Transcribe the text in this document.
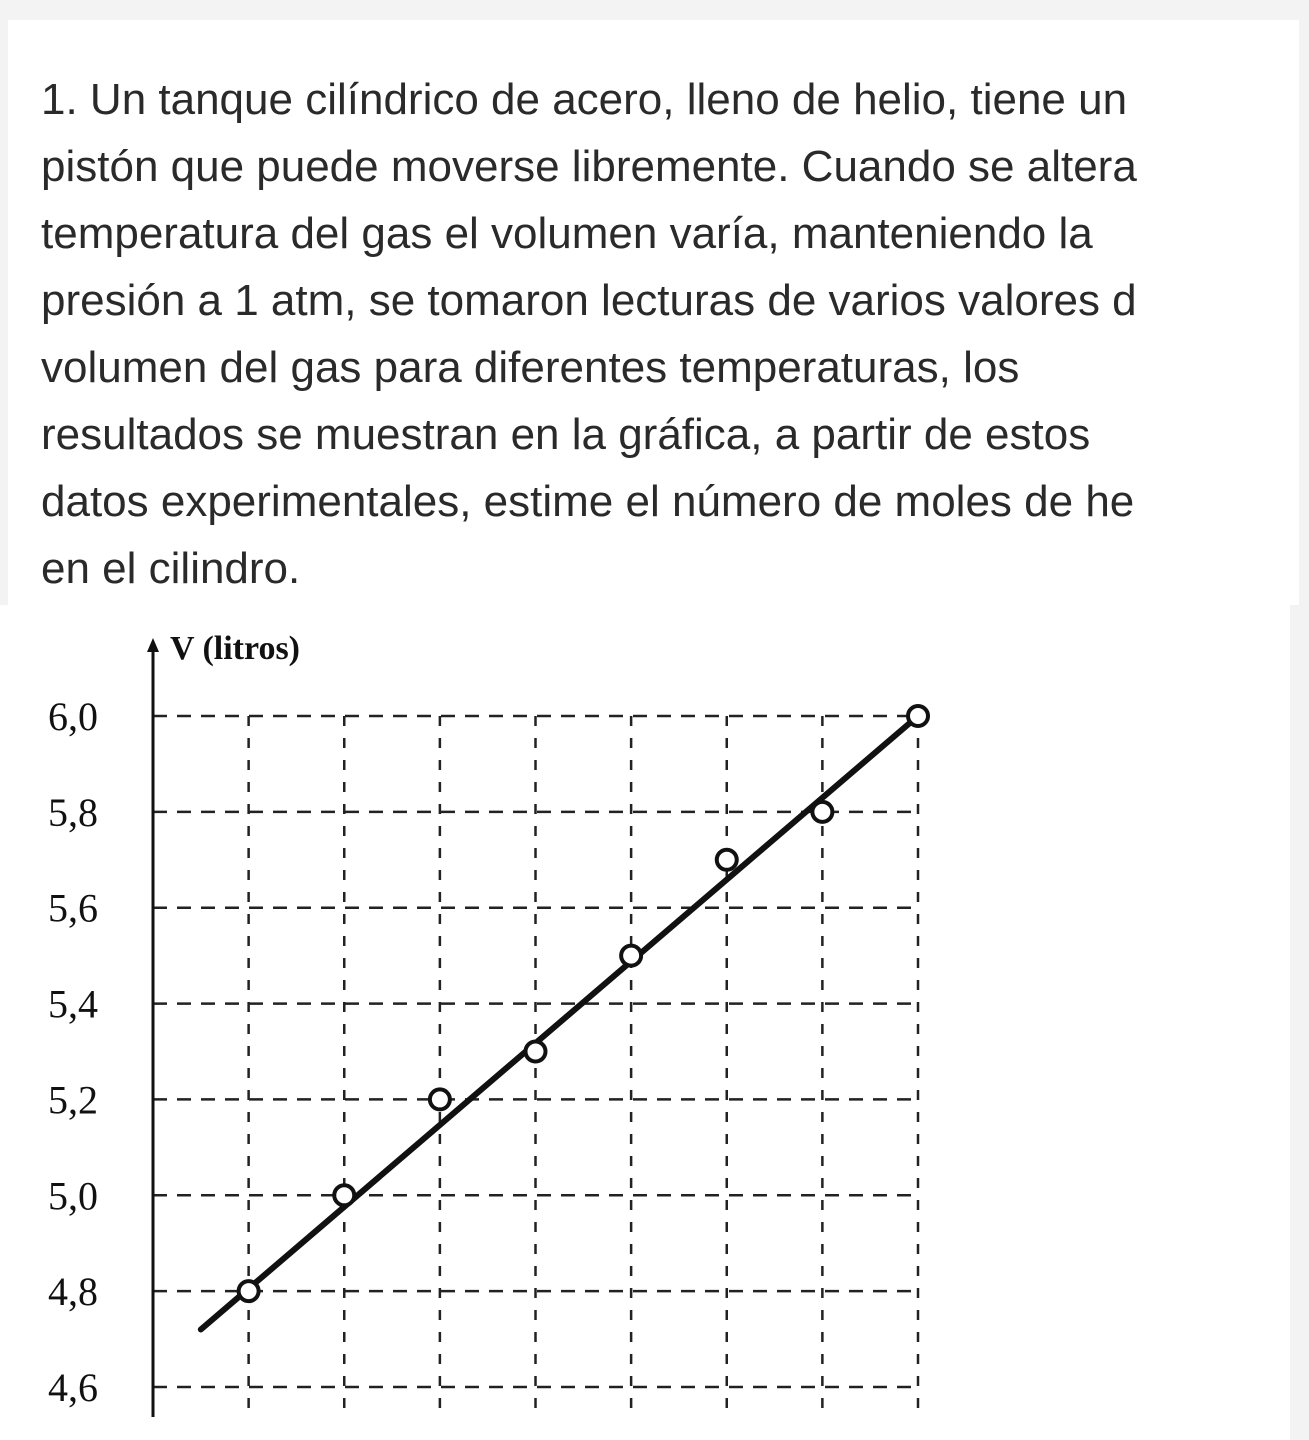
1. Un tanque cilíndrico de acero, lleno de helio, tiene un
pistón que puede moverse libremente. Cuando se altera
temperatura del gas el volumen varía, manteniendo la
presión a 1 atm, se tomaron lecturas de varios valores d
volumen del gas para diferentes temperaturas, los
resultados se muestran en la gráfica, a partir de estos
datos experimentales, estime el número de moles de he
en el cilindro.
V (litros)
4,6
4,8
5,0
5,2
5,4
5,6
5,8
6,0
